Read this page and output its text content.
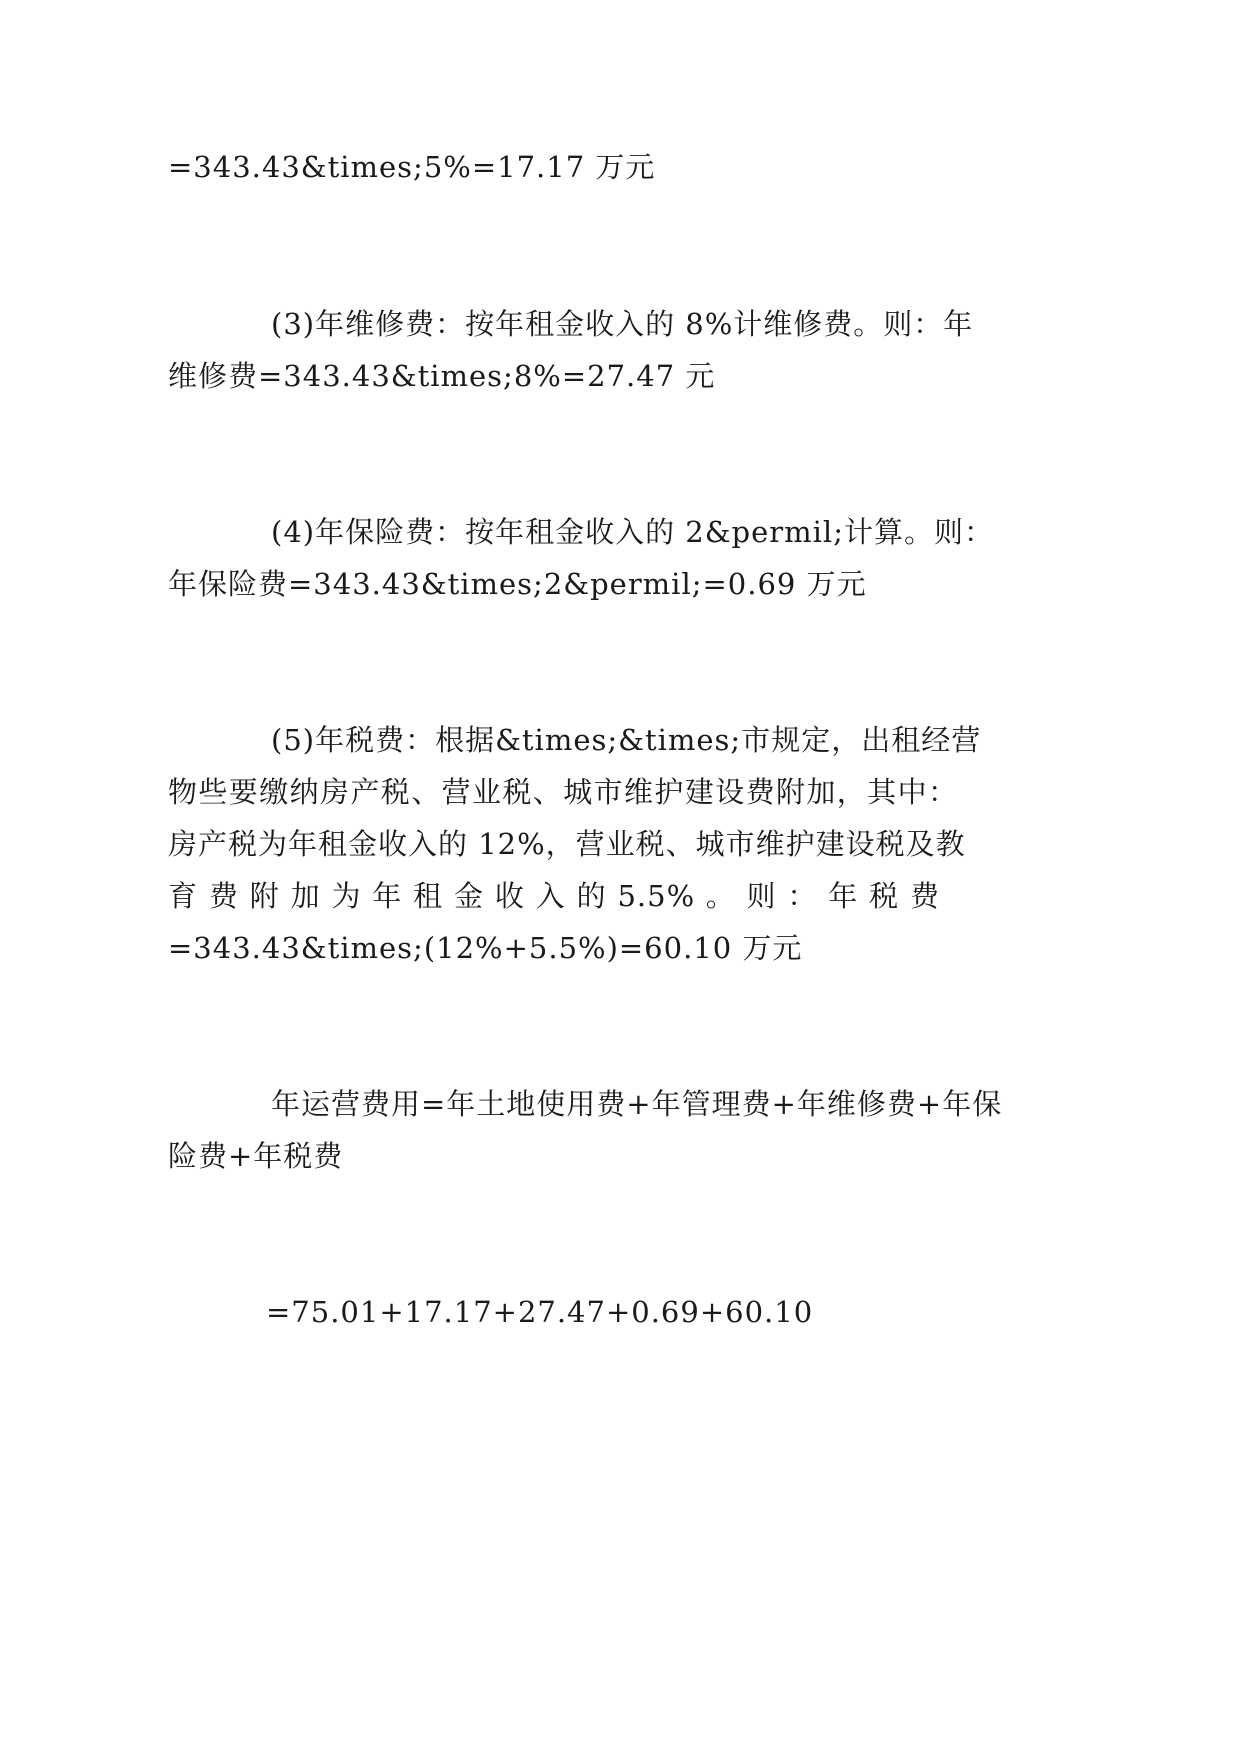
=343.43&times;5%=17.17 万元

(3)年维修费：按年租金收入的 8%计维修费。则：年

维修费=343.43&times;8%=27.47 元

(4)年保险费：按年租金收入的 2&permil;计算。则：

年保险费=343.43&times;2&permil;=0.69 万元

(5)年税费：根据&times;&times;市规定，出租经营

物些要缴纳房产税、营业税、城市维护建设费附加，其中：

房产税为年租金收入的 12%，营业税、城市维护建设税及教

育 费 附 加 为 年 租 金 收 入 的 5.5% 。 则 ： 年 税 费

=343.43&times;(12%+5.5%)=60.10 万元

年运营费用=年土地使用费+年管理费+年维修费+年保

险费+年税费

=75.01+17.17+27.47+0.69+60.10
